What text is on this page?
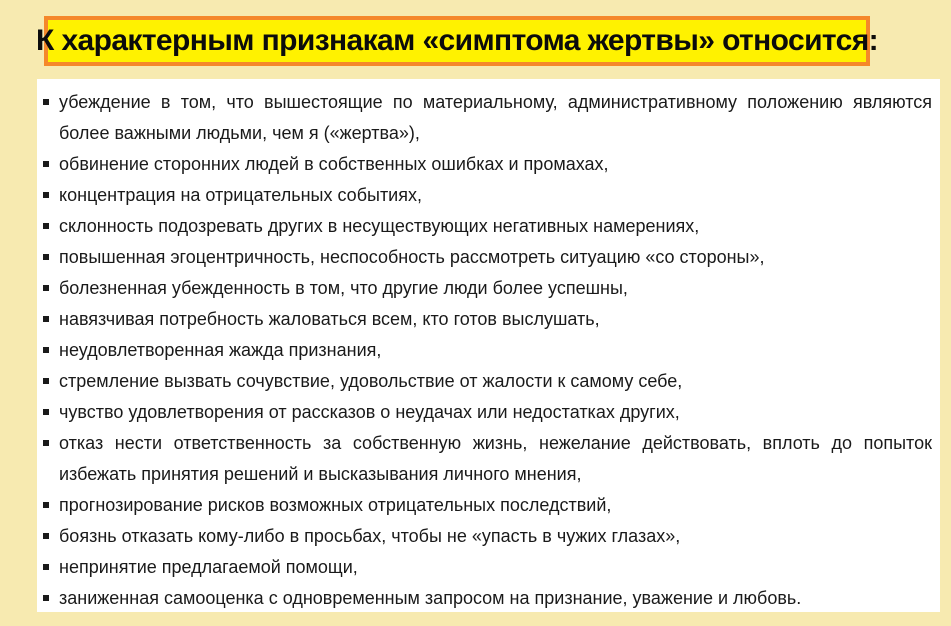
К характерным признакам «симптома жертвы» относится:
убеждение в том, что вышестоящие по материальному, административному положению являются более важными людьми, чем я («жертва»),
обвинение сторонних людей в собственных ошибках и промахах,
концентрация на отрицательных событиях,
склонность подозревать других в несуществующих негативных намерениях,
повышенная эгоцентричность, неспособность рассмотреть ситуацию «со стороны»,
болезненная убежденность в том, что другие люди более успешны,
навязчивая потребность жаловаться всем, кто готов выслушать,
неудовлетворенная жажда признания,
стремление вызвать сочувствие, удовольствие от жалости к самому себе,
чувство удовлетворения от рассказов о неудачах или недостатках других,
отказ нести ответственность за собственную жизнь, нежелание действовать, вплоть до попыток избежать принятия решений и высказывания личного мнения,
прогнозирование рисков возможных отрицательных последствий,
боязнь отказать кому-либо в просьбах, чтобы не «упасть в чужих глазах»,
непринятие предлагаемой помощи,
заниженная самооценка с одновременным запросом на признание, уважение и любовь.
